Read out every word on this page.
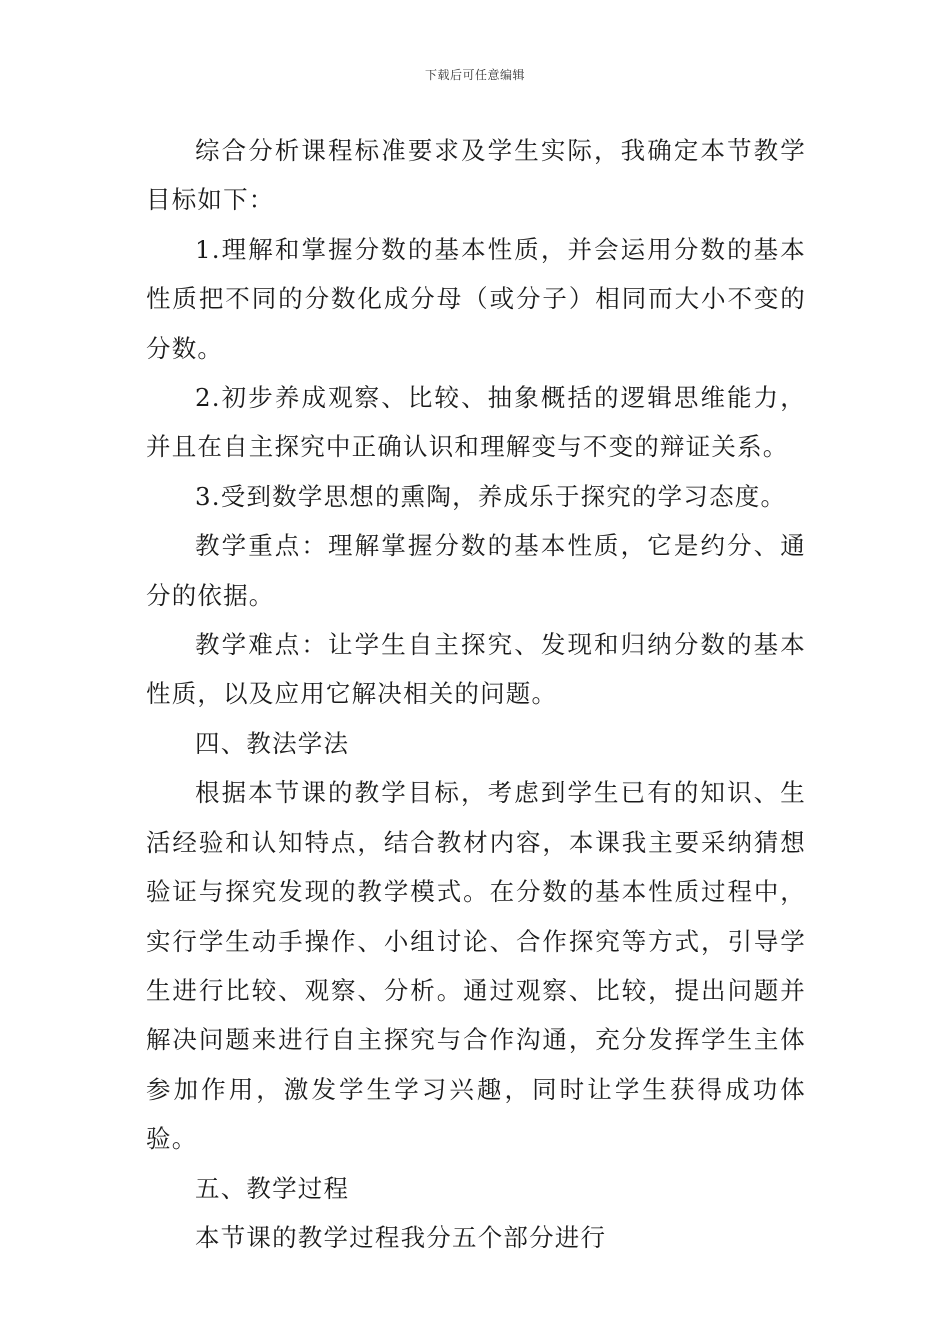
下载后可任意编辑

综合分析课程标准要求及学生实际，我确定本节教学目标如下：

1.理解和掌握分数的基本性质，并会运用分数的基本性质把不同的分数化成分母（或分子）相同而大小不变的分数。

2.初步养成观察、比较、抽象概括的逻辑思维能力，并且在自主探究中正确认识和理解变与不变的辩证关系。

3.受到数学思想的熏陶，养成乐于探究的学习态度。

教学重点：理解掌握分数的基本性质，它是约分、通分的依据。

教学难点：让学生自主探究、发现和归纳分数的基本性质，以及应用它解决相关的问题。

四、教法学法

根据本节课的教学目标，考虑到学生已有的知识、生活经验和认知特点，结合教材内容，本课我主要采纳猜想验证与探究发现的教学模式。在分数的基本性质过程中，实行学生动手操作、小组讨论、合作探究等方式，引导学生进行比较、观察、分析。通过观察、比较，提出问题并解决问题来进行自主探究与合作沟通，充分发挥学生主体参加作用，激发学生学习兴趣，同时让学生获得成功体验。

五、教学过程

本节课的教学过程我分五个部分进行
